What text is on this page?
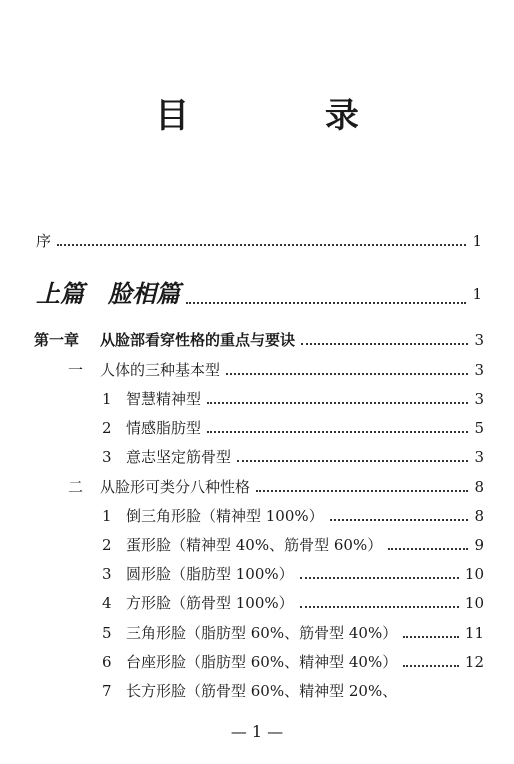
目 录
序	1
上篇　脸相篇	1
第一章	从脸部看穿性格的重点与要诀	3
一	人体的三种基本型	3
1 智慧精神型	3
2 情感脂肪型	5
3 意志坚定筋骨型	3
二	从脸形可类分八种性格	8
1 倒三角形脸（精神型 100%）	8
2 蛋形脸（精神型 40%、筋骨型 60%）	9
3 圆形脸（脂肪型 100%）	10
4 方形脸（筋骨型 100%）	10
5 三角形脸（脂肪型 60%、筋骨型 40%）	11
6 台座形脸（脂肪型 60%、精神型 40%）	12
7 长方形脸（筋骨型 60%、精神型 20%、
— 1 —
